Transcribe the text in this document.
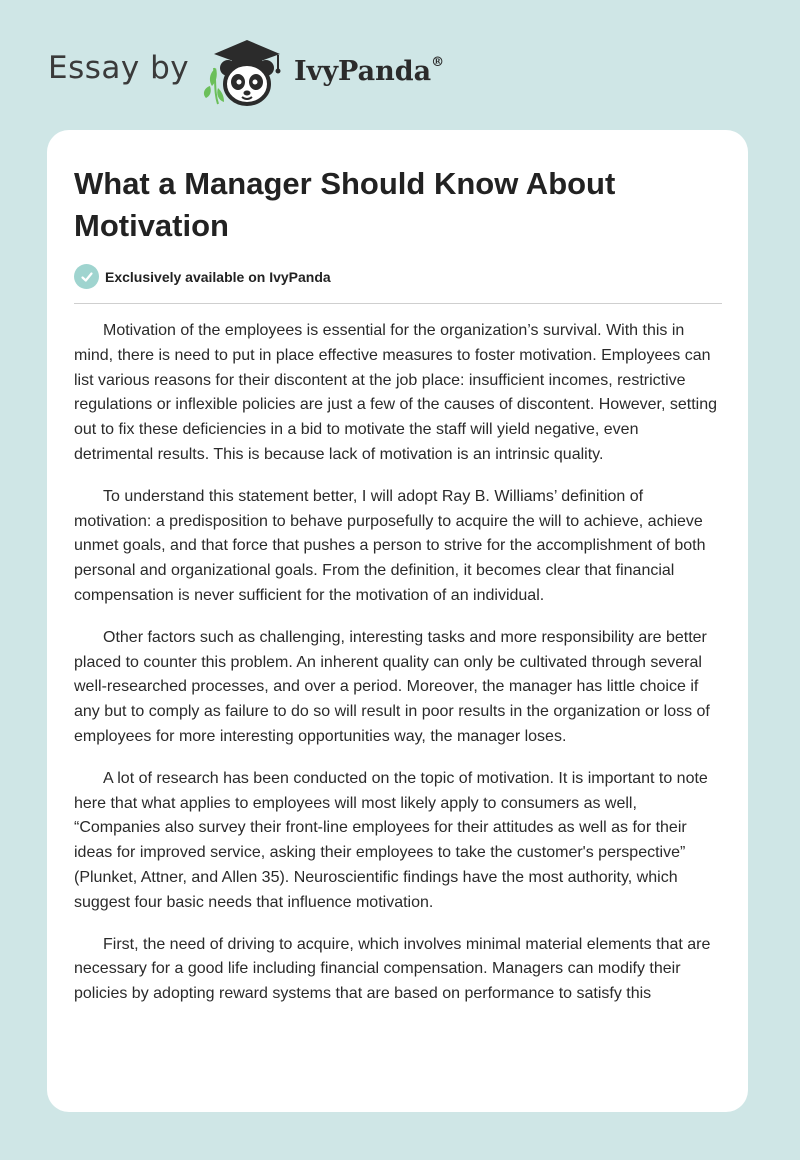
Essay by	IvyPanda®
What a Manager Should Know About Motivation
Exclusively available on IvyPanda

Motivation of the employees is essential for the organization’s survival. With this in mind, there is need to put in place effective measures to foster motivation. Employees can list various reasons for their discontent at the job place: insufficient incomes, restrictive regulations or inflexible policies are just a few of the causes of discontent. However, setting out to fix these deficiencies in a bid to motivate the staff will yield negative, even detrimental results. This is because lack of motivation is an intrinsic quality.

To understand this statement better, I will adopt Ray B. Williams’ definition of motivation: a predisposition to behave purposefully to acquire the will to achieve, achieve unmet goals, and that force that pushes a person to strive for the accomplishment of both personal and organizational goals. From the definition, it becomes clear that financial compensation is never sufficient for the motivation of an individual.

Other factors such as challenging, interesting tasks and more responsibility are better placed to counter this problem. An inherent quality can only be cultivated through several well-researched processes, and over a period. Moreover, the manager has little choice if any but to comply as failure to do so will result in poor results in the organization or loss of employees for more interesting opportunities way, the manager loses.

A lot of research has been conducted on the topic of motivation. It is important to note here that what applies to employees will most likely apply to consumers as well, “Companies also survey their front-line employees for their attitudes as well as for their ideas for improved service, asking their employees to take the customer's perspective” (Plunket, Attner, and Allen 35). Neuroscientific findings have the most authority, which suggest four basic needs that influence motivation.

First, the need of driving to acquire, which involves minimal material elements that are necessary for a good life including financial compensation. Managers can modify their policies by adopting reward systems that are based on performance to satisfy this
